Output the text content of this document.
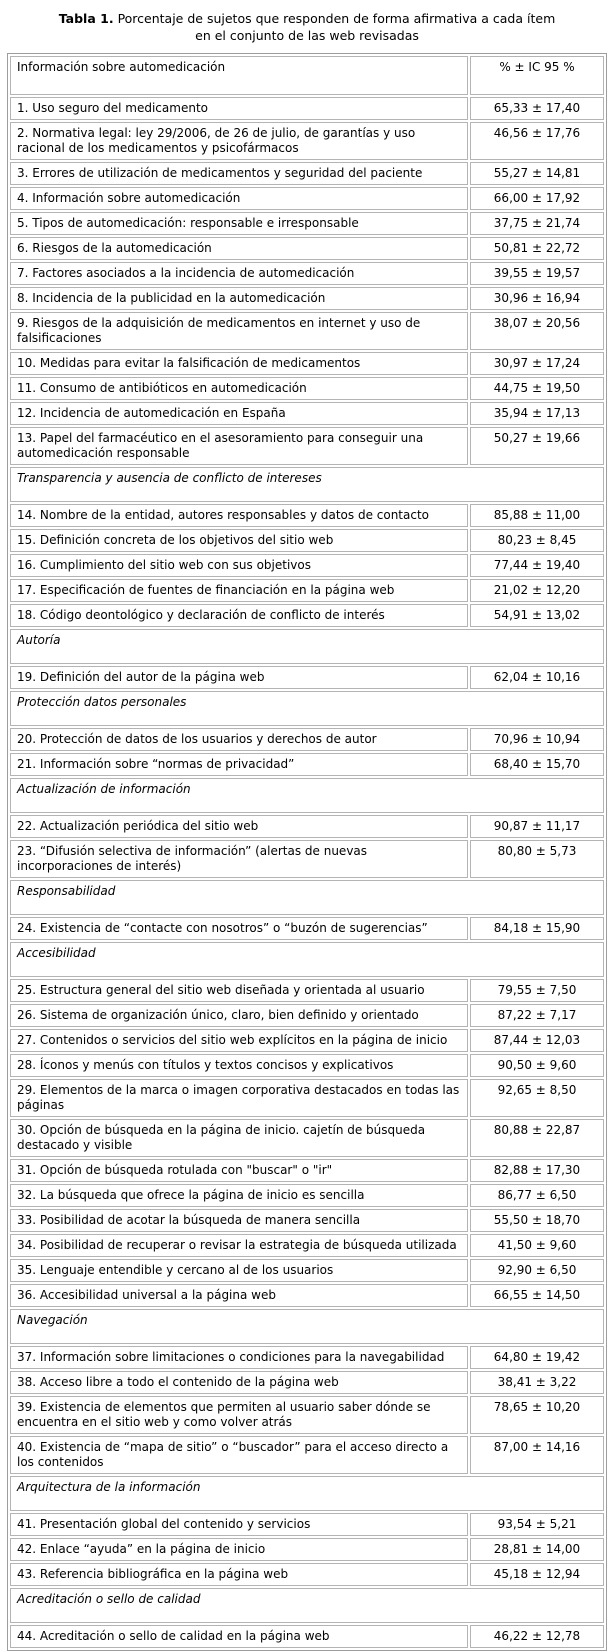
Tabla 1. Porcentaje de sujetos que responden de forma afirmativa a cada ítem
en el conjunto de las web revisadas
Información sobre automedicación	% ± IC 95 %
1. Uso seguro del medicamento	65,33 ± 17,40
2. Normativa legal: ley 29/2006, de 26 de julio, de garantías y uso racional de los medicamentos y psicofármacos	46,56 ± 17,76
3. Errores de utilización de medicamentos y seguridad del paciente	55,27 ± 14,81
4. Información sobre automedicación	66,00 ± 17,92
5. Tipos de automedicación: responsable e irresponsable	37,75 ± 21,74
6. Riesgos de la automedicación	50,81 ± 22,72
7. Factores asociados a la incidencia de automedicación	39,55 ± 19,57
8. Incidencia de la publicidad en la automedicación	30,96 ± 16,94
9. Riesgos de la adquisición de medicamentos en internet y uso de falsificaciones	38,07 ± 20,56
10. Medidas para evitar la falsificación de medicamentos	30,97 ± 17,24
11. Consumo de antibióticos en automedicación	44,75 ± 19,50
12. Incidencia de automedicación en España	35,94 ± 17,13
13. Papel del farmacéutico en el asesoramiento para conseguir una automedicación responsable	50,27 ± 19,66
Transparencia y ausencia de conflicto de intereses	
14. Nombre de la entidad, autores responsables y datos de contacto	85,88 ± 11,00
15. Definición concreta de los objetivos del sitio web	80,23 ± 8,45
16. Cumplimiento del sitio web con sus objetivos	77,44 ± 19,40
17. Especificación de fuentes de financiación en la página web	21,02 ± 12,20
18. Código deontológico y declaración de conflicto de interés	54,91 ± 13,02
Autoría	
19. Definición del autor de la página web	62,04 ± 10,16
Protección datos personales	
20. Protección de datos de los usuarios y derechos de autor	70,96 ± 10,94
21. Información sobre “normas de privacidad”	68,40 ± 15,70
Actualización de información	
22. Actualización periódica del sitio web	90,87 ± 11,17
23. “Difusión selectiva de información” (alertas de nuevas incorporaciones de interés)	80,80 ± 5,73
Responsabilidad	
24. Existencia de “contacte con nosotros” o “buzón de sugerencias”	84,18 ± 15,90
Accesibilidad	
25. Estructura general del sitio web diseñada y orientada al usuario	79,55 ± 7,50
26. Sistema de organización único, claro, bien definido y orientado	87,22 ± 7,17
27. Contenidos o servicios del sitio web explícitos en la página de inicio	87,44 ± 12,03
28. Íconos y menús con títulos y textos concisos y explicativos	90,50 ± 9,60
29. Elementos de la marca o imagen corporativa destacados en todas las páginas	92,65 ± 8,50
30. Opción de búsqueda en la página de inicio. cajetín de búsqueda destacado y visible	80,88 ± 22,87
31. Opción de búsqueda rotulada con "buscar" o "ir"	82,88 ± 17,30
32. La búsqueda que ofrece la página de inicio es sencilla	86,77 ± 6,50
33. Posibilidad de acotar la búsqueda de manera sencilla	55,50 ± 18,70
34. Posibilidad de recuperar o revisar la estrategia de búsqueda utilizada	41,50 ± 9,60
35. Lenguaje entendible y cercano al de los usuarios	92,90 ± 6,50
36. Accesibilidad universal a la página web	66,55 ± 14,50
Navegación	
37. Información sobre limitaciones o condiciones para la navegabilidad	64,80 ± 19,42
38. Acceso libre a todo el contenido de la página web	38,41 ± 3,22
39. Existencia de elementos que permiten al usuario saber dónde se encuentra en el sitio web y como volver atrás	78,65 ± 10,20
40. Existencia de “mapa de sitio” o “buscador” para el acceso directo a los contenidos	87,00 ± 14,16
Arquitectura de la información	
41. Presentación global del contenido y servicios	93,54 ± 5,21
42. Enlace “ayuda” en la página de inicio	28,81 ± 14,00
43. Referencia bibliográfica en la página web	45,18 ± 12,94
Acreditación o sello de calidad	
44. Acreditación o sello de calidad en la página web	46,22 ± 12,78
